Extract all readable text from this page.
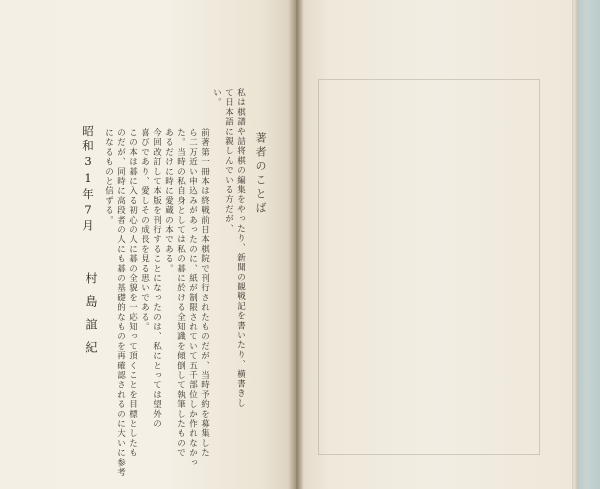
著者のことば
私は棋譜や詰将棋の編集をやったり、新聞の観戦記を書いたり、横書きし
て日本語に親しんでいる方だが、
い。
前著第一冊本は終戦前日本棋院で刊行されたものだが、当時予約を募集した
ら二万近い申込みがあったのに、紙が制限されていて五千部位しか作れなかっ
た。当時の私自身としては私の碁に於ける全知識を傾倒して執筆したもので
あるだけに時に愛蔵の本である。
今回改訂して本版を刊行することになったのは、私にとっては望外の
喜びであり、愛しその成長を見る思いである。
この本は碁に入る初心の人に碁の全貌を一応知って頂くことを目標としたも
のだが、同時に高段者の人にも碁の基礎的なものを再確認されるのに大いに参考
になるものと信ずる。
昭和31年7月
村島誼紀
